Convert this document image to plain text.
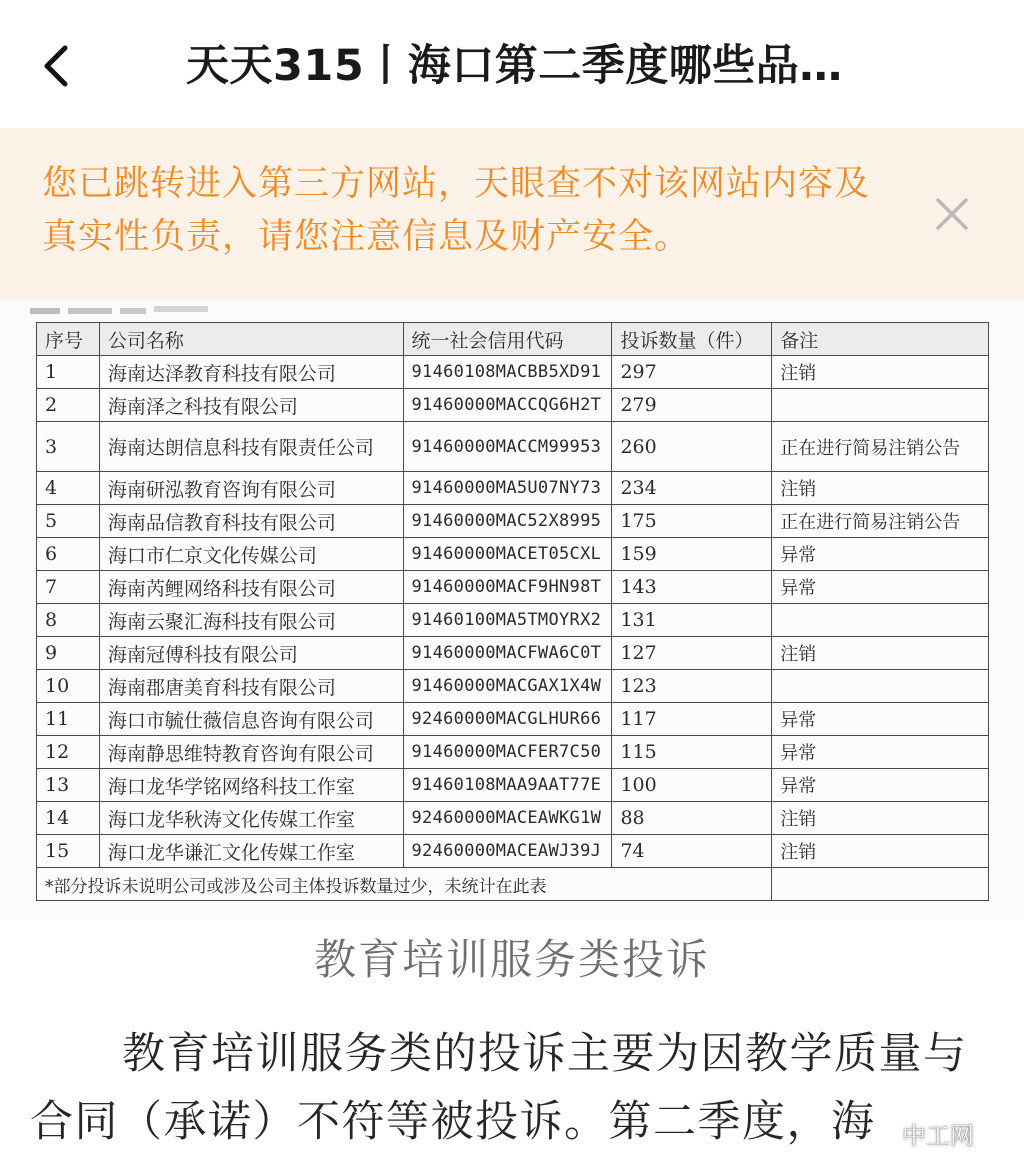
天天315丨海口第二季度哪些品…
您已跳转进入第三方网站，天眼查不对该网站内容及真实性负责，请您注意信息及财产安全。
序号	公司名称	统一社会信用代码	投诉数量（件）	备注
1	海南达泽教育科技有限公司	91460108MACBB5XD91	297	注销
2	海南泽之科技有限公司	91460000MACCQG6H2T	279	
3	海南达朗信息科技有限责任公司	91460000MACCM99953	260	正在进行简易注销公告
4	海南研泓教育咨询有限公司	91460000MA5U07NY73	234	注销
5	海南品信教育科技有限公司	91460000MAC52X8995	175	正在进行简易注销公告
6	海口市仁京文化传媒公司	91460000MACET05CXL	159	异常
7	海南芮鲤网络科技有限公司	91460000MACF9HN98T	143	异常
8	海南云聚汇海科技有限公司	91460100MA5TMOYRX2	131	
9	海南冠傅科技有限公司	91460000MACFWA6C0T	127	注销
10	海南郡唐美育科技有限公司	91460000MACGAX1X4W	123	
11	海口市毓仕薇信息咨询有限公司	92460000MACGLHUR66	117	异常
12	海南静思维特教育咨询有限公司	91460000MACFER7C50	115	异常
13	海口龙华学铭网络科技工作室	91460108MAA9AAT77E	100	异常
14	海口龙华秋涛文化传媒工作室	92460000MACEAWKG1W	88	注销
15	海口龙华谦汇文化传媒工作室	92460000MACEAWJ39J	74	注销
*部分投诉未说明公司或涉及公司主体投诉数量过少，未统计在此表				
教育培训服务类投诉
教育培训服务类的投诉主要为因教学质量与合同（承诺）不符等被投诉。第二季度，海	中工网
